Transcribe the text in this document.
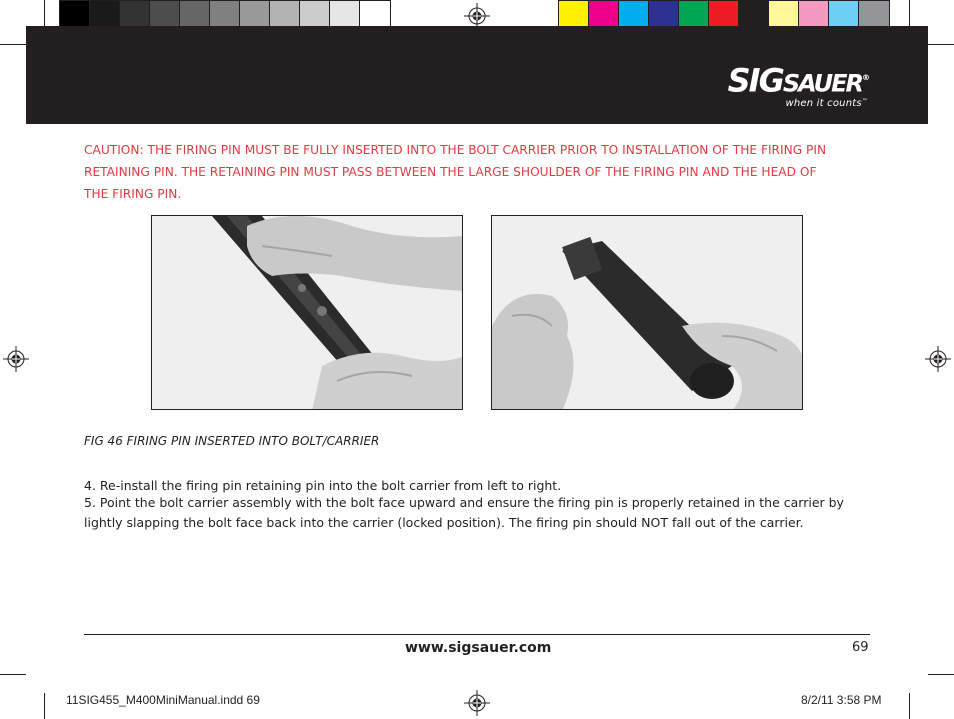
SIGSAUER®
when it counts™
CAUTION: THE FIRING PIN MUST BE FULLY INSERTED INTO THE BOLT CARRIER PRIOR TO INSTALLATION OF THE FIRING PIN
RETAINING PIN. THE RETAINING PIN MUST PASS BETWEEN THE LARGE SHOULDER OF THE FIRING PIN AND THE HEAD OF
THE FIRING PIN.
FIG 46 FIRING PIN INSERTED INTO BOLT/CARRIER
4. Re-install the firing pin retaining pin into the bolt carrier from left to right.
5. Point the bolt carrier assembly with the bolt face upward and ensure the firing pin is properly retained in the carrier by
lightly slapping the bolt face back into the carrier (locked position). The firing pin should NOT fall out of the carrier.
www.sigsauer.com	69
11SIG455_M400MiniManual.indd 69	8/2/11 3:58 PM
